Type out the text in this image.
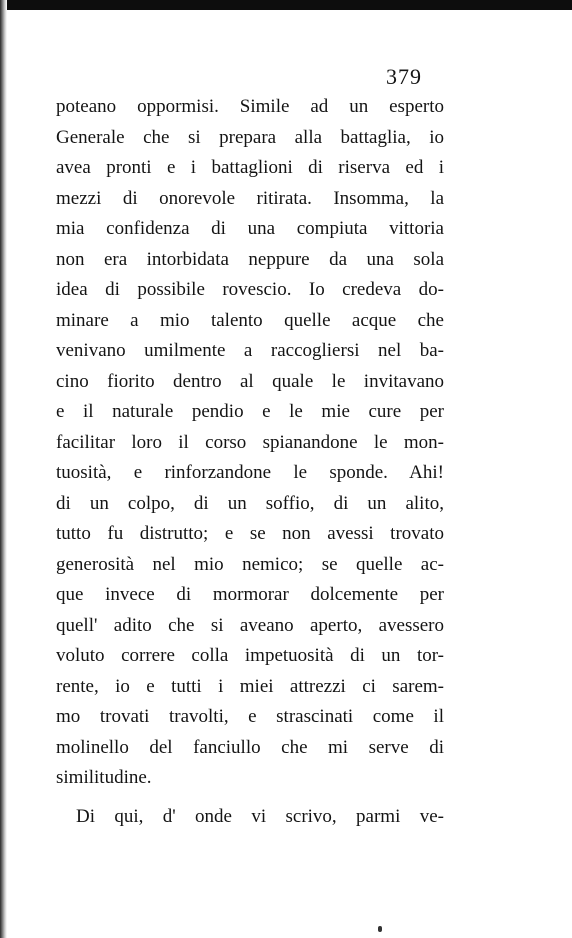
379
poteano oppormisi. Simile ad un esperto
Generale che si prepara alla battaglia, io
avea pronti e i battaglioni di riserva ed i
mezzi di onorevole ritirata. Insomma, la
mia confidenza di una compiuta vittoria
non era intorbidata neppure da una sola
idea di possibile rovescio. Io credeva do-
minare a mio talento quelle acque che
venivano umilmente a raccogliersi nel ba-
cino fiorito dentro al quale le invitavano
e il naturale pendio e le mie cure per
facilitar loro il corso spianandone le mon-
tuosità, e rinforzandone le sponde. Ahi!
di un colpo, di un soffio, di un alito,
tutto fu distrutto; e se non avessi trovato
generosità nel mio nemico; se quelle ac-
que invece di mormorar dolcemente per
quell' adito che si aveano aperto, avessero
voluto correre colla impetuosità di un tor-
rente, io e tutti i miei attrezzi ci sarem-
mo trovati travolti, e strascinati come il
molinello del fanciullo che mi serve di
similitudine.
Di qui, d' onde vi scrivo, parmi ve-
